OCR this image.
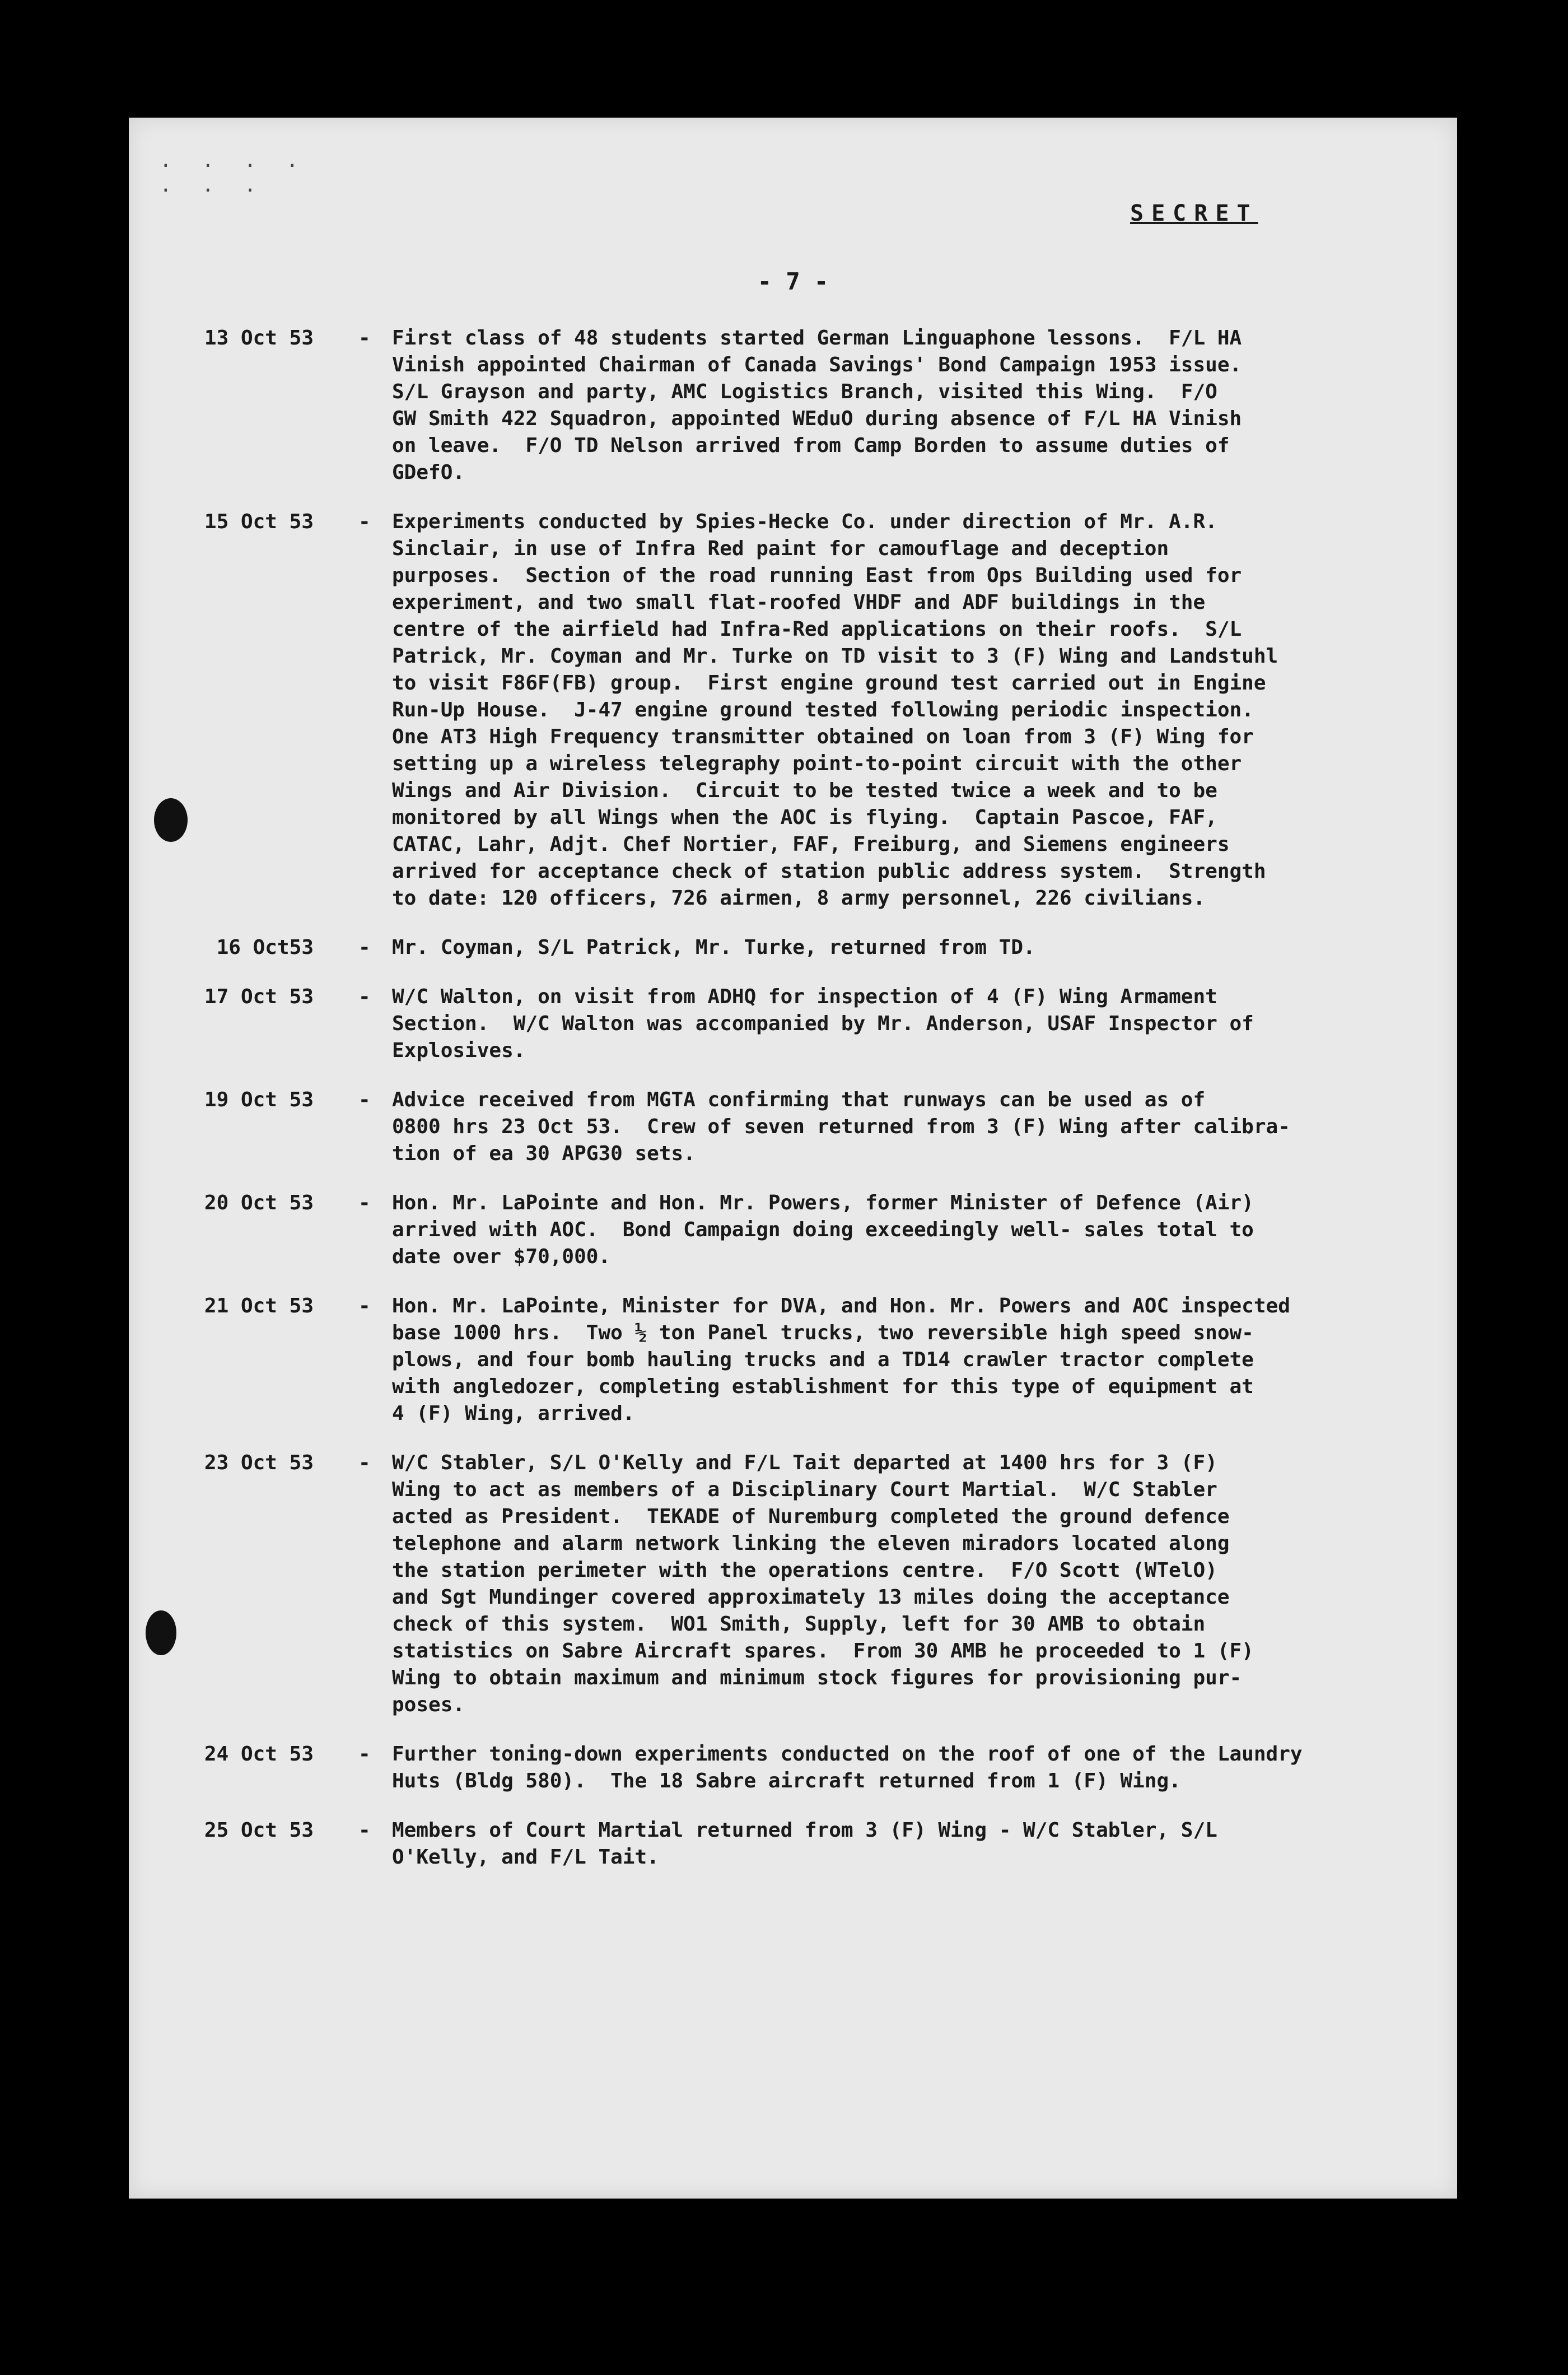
. . . .
. . .
SECRET
- 7 -
13 Oct 53 - First class of 48 students started German Linguaphone lessons.  F/L HA
Vinish appointed Chairman of Canada Savings' Bond Campaign 1953 issue.
S/L Grayson and party, AMC Logistics Branch, visited this Wing.  F/O
GW Smith 422 Squadron, appointed WEduO during absence of F/L HA Vinish
on leave.  F/O TD Nelson arrived from Camp Borden to assume duties of
GDefO.
15 Oct 53 - Experiments conducted by Spies-Hecke Co. under direction of Mr. A.R.
Sinclair, in use of Infra Red paint for camouflage and deception
purposes.  Section of the road running East from Ops Building used for
experiment, and two small flat-roofed VHDF and ADF buildings in the
centre of the airfield had Infra-Red applications on their roofs.  S/L
Patrick, Mr. Coyman and Mr. Turke on TD visit to 3 (F) Wing and Landstuhl
to visit F86F(FB) group.  First engine ground test carried out in Engine
Run-Up House.  J-47 engine ground tested following periodic inspection.
One AT3 High Frequency transmitter obtained on loan from 3 (F) Wing for
setting up a wireless telegraphy point-to-point circuit with the other
Wings and Air Division.  Circuit to be tested twice a week and to be
monitored by all Wings when the AOC is flying.  Captain Pascoe, FAF,
CATAC, Lahr, Adjt. Chef Nortier, FAF, Freiburg, and Siemens engineers
arrived for acceptance check of station public address system.  Strength
to date: 120 officers, 726 airmen, 8 army personnel, 226 civilians.
16 Oct53 - Mr. Coyman, S/L Patrick, Mr. Turke, returned from TD.
17 Oct 53 - W/C Walton, on visit from ADHQ for inspection of 4 (F) Wing Armament
Section.  W/C Walton was accompanied by Mr. Anderson, USAF Inspector of
Explosives.
19 Oct 53 - Advice received from MGTA confirming that runways can be used as of
0800 hrs 23 Oct 53.  Crew of seven returned from 3 (F) Wing after calibra-
tion of ea 30 APG30 sets.
20 Oct 53 - Hon. Mr. LaPointe and Hon. Mr. Powers, former Minister of Defence (Air)
arrived with AOC.  Bond Campaign doing exceedingly well- sales total to
date over $70,000.
21 Oct 53 - Hon. Mr. LaPointe, Minister for DVA, and Hon. Mr. Powers and AOC inspected
base 1000 hrs.  Two ½ ton Panel trucks, two reversible high speed snow-
plows, and four bomb hauling trucks and a TD14 crawler tractor complete
with angledozer, completing establishment for this type of equipment at
4 (F) Wing, arrived.
23 Oct 53 - W/C Stabler, S/L O'Kelly and F/L Tait departed at 1400 hrs for 3 (F)
Wing to act as members of a Disciplinary Court Martial.  W/C Stabler
acted as President.  TEKADE of Nuremburg completed the ground defence
telephone and alarm network linking the eleven miradors located along
the station perimeter with the operations centre.  F/O Scott (WTelO)
and Sgt Mundinger covered approximately 13 miles doing the acceptance
check of this system.  WO1 Smith, Supply, left for 30 AMB to obtain
statistics on Sabre Aircraft spares.  From 30 AMB he proceeded to 1 (F)
Wing to obtain maximum and minimum stock figures for provisioning pur-
poses.
24 Oct 53 - Further toning-down experiments conducted on the roof of one of the Laundry
Huts (Bldg 580).  The 18 Sabre aircraft returned from 1 (F) Wing.
25 Oct 53 - Members of Court Martial returned from 3 (F) Wing - W/C Stabler, S/L
O'Kelly, and F/L Tait.
